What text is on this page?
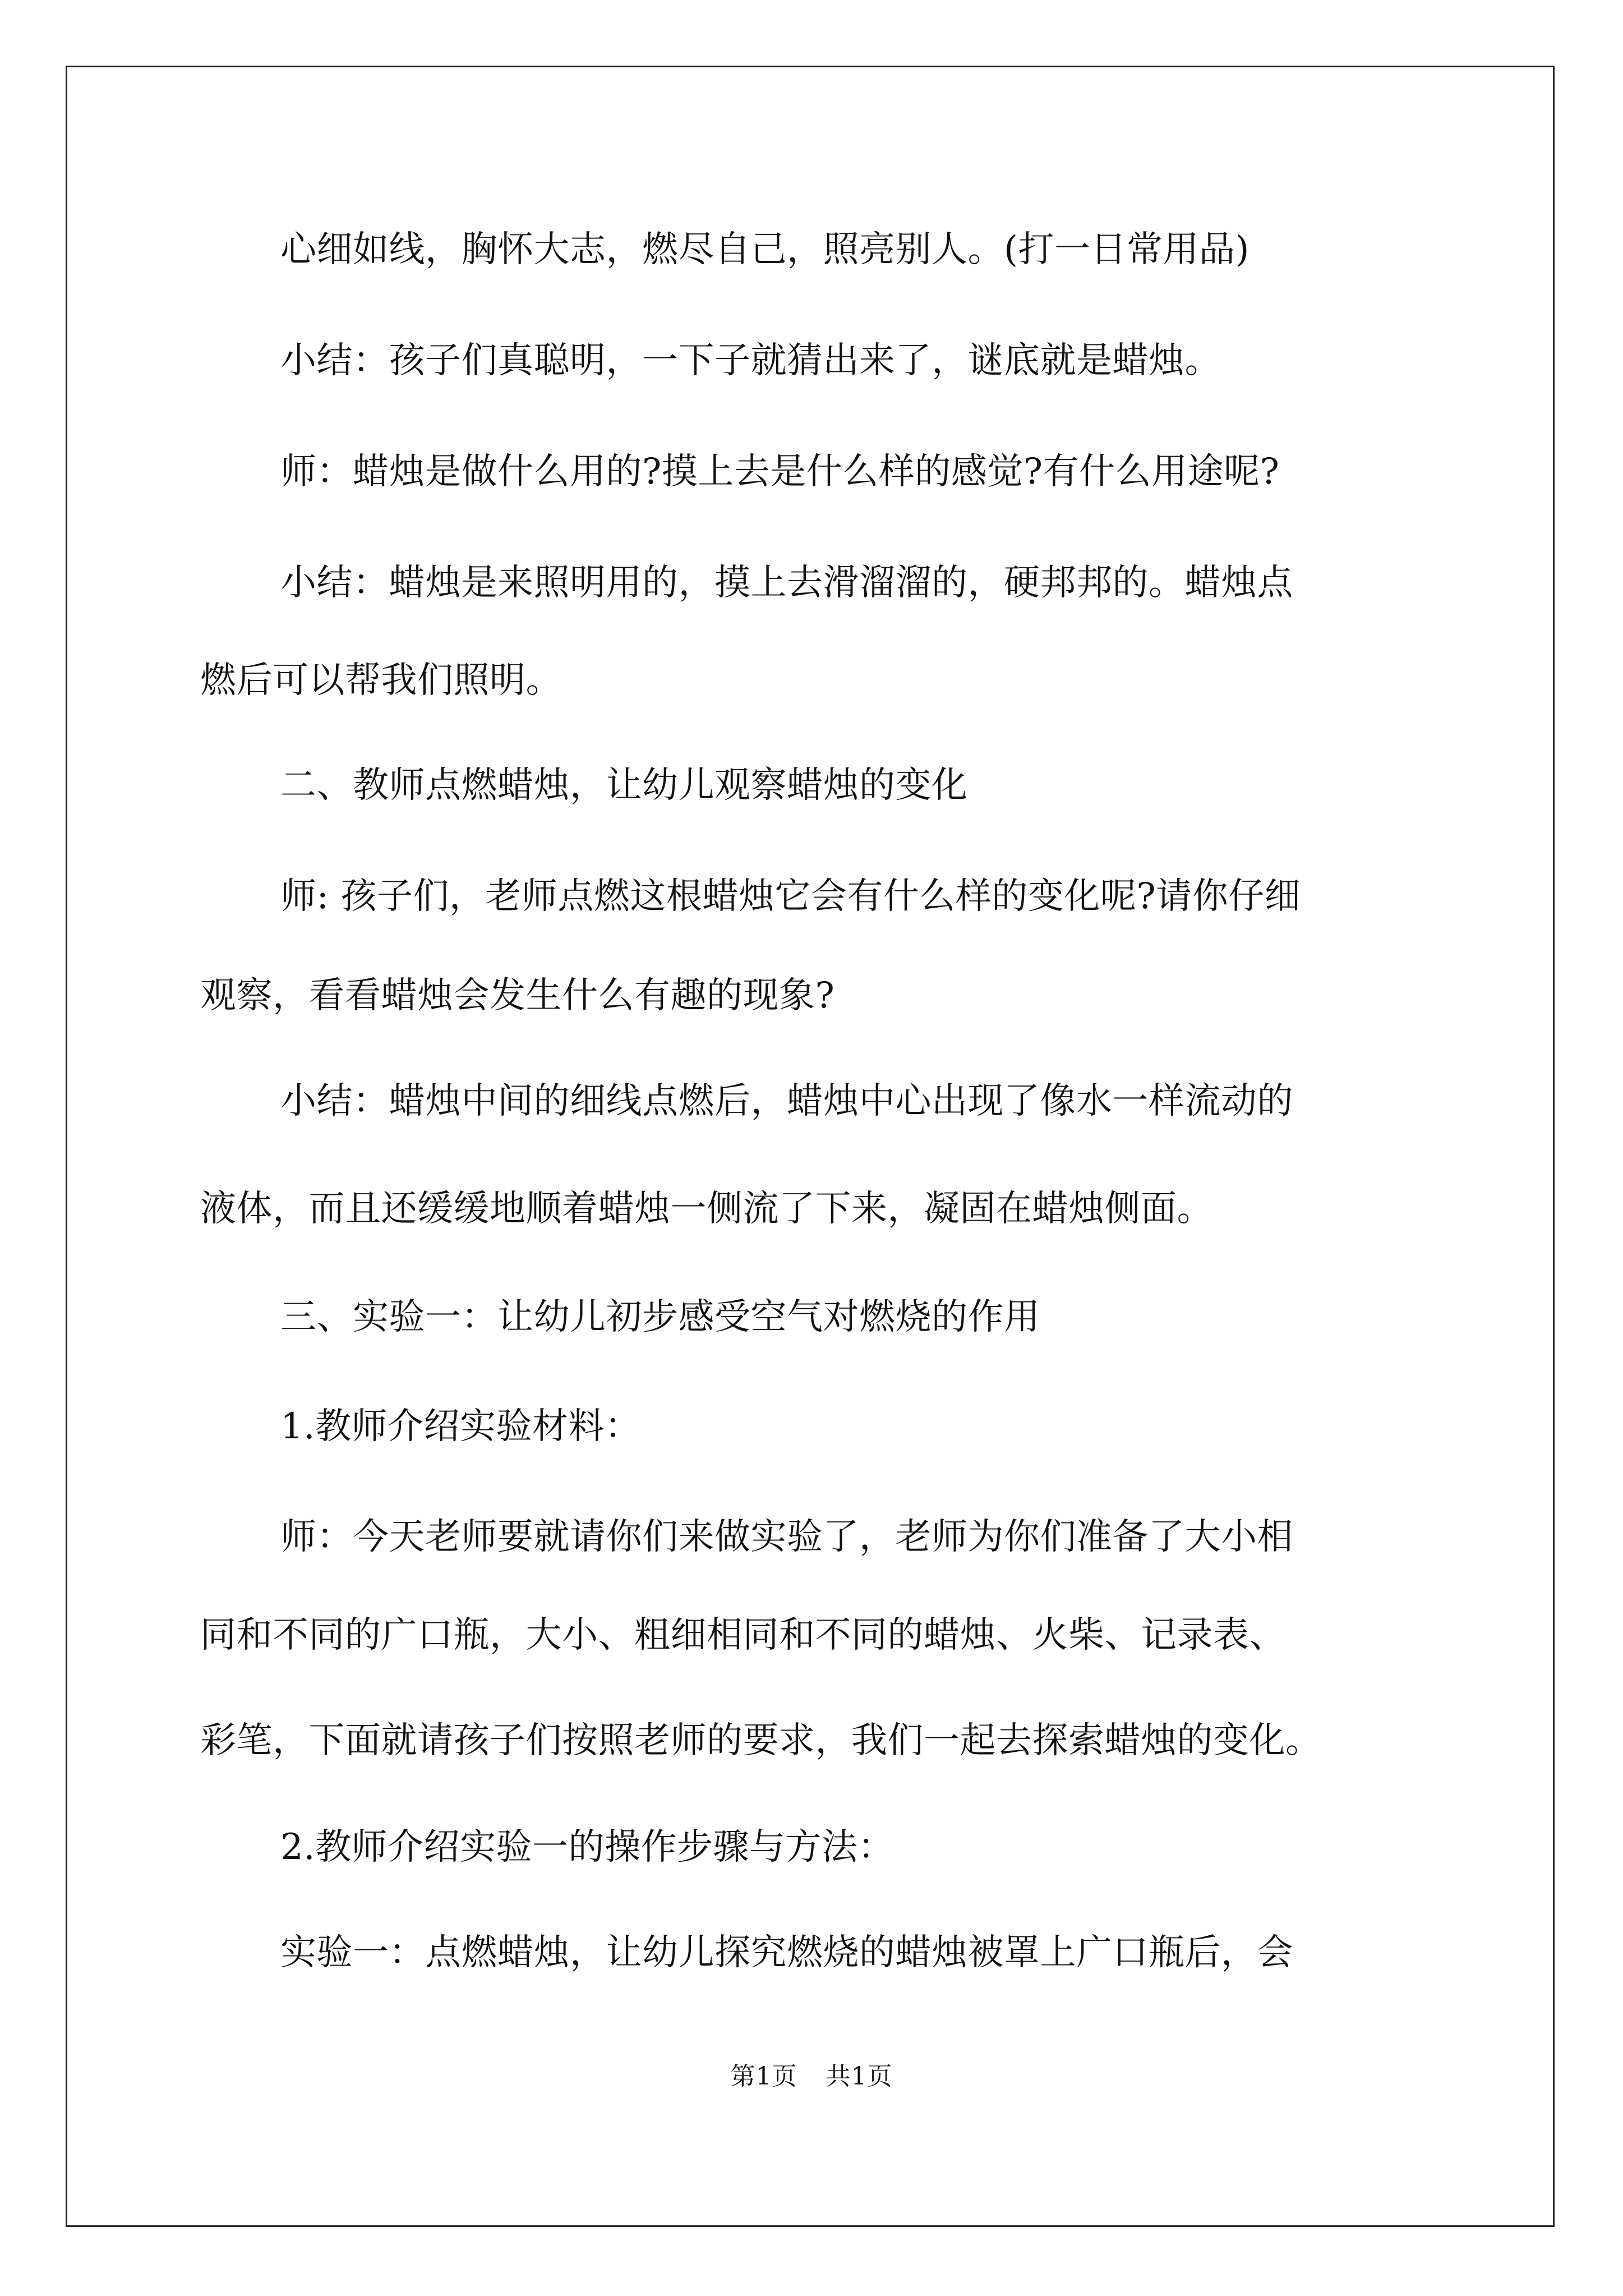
心细如线，胸怀大志，燃尽自己，照亮别人。(打一日常用品)
小结：孩子们真聪明，一下子就猜出来了，谜底就是蜡烛。
师：蜡烛是做什么用的?摸上去是什么样的感觉?有什么用途呢?
小结：蜡烛是来照明用的，摸上去滑溜溜的，硬邦邦的。蜡烛点
燃后可以帮我们照明。
二、教师点燃蜡烛，让幼儿观察蜡烛的变化
师: 孩子们，老师点燃这根蜡烛它会有什么样的变化呢?请你仔细
观察，看看蜡烛会发生什么有趣的现象?
小结：蜡烛中间的细线点燃后，蜡烛中心出现了像水一样流动的
液体，而且还缓缓地顺着蜡烛一侧流了下来，凝固在蜡烛侧面。
三、实验一：让幼儿初步感受空气对燃烧的作用
1.教师介绍实验材料：
师：今天老师要就请你们来做实验了，老师为你们准备了大小相
同和不同的广口瓶，大小、粗细相同和不同的蜡烛、火柴、记录表、
彩笔，下面就请孩子们按照老师的要求，我们一起去探索蜡烛的变化。
2.教师介绍实验一的操作步骤与方法：
实验一：点燃蜡烛，让幼儿探究燃烧的蜡烛被罩上广口瓶后，会
第1页 共1页
